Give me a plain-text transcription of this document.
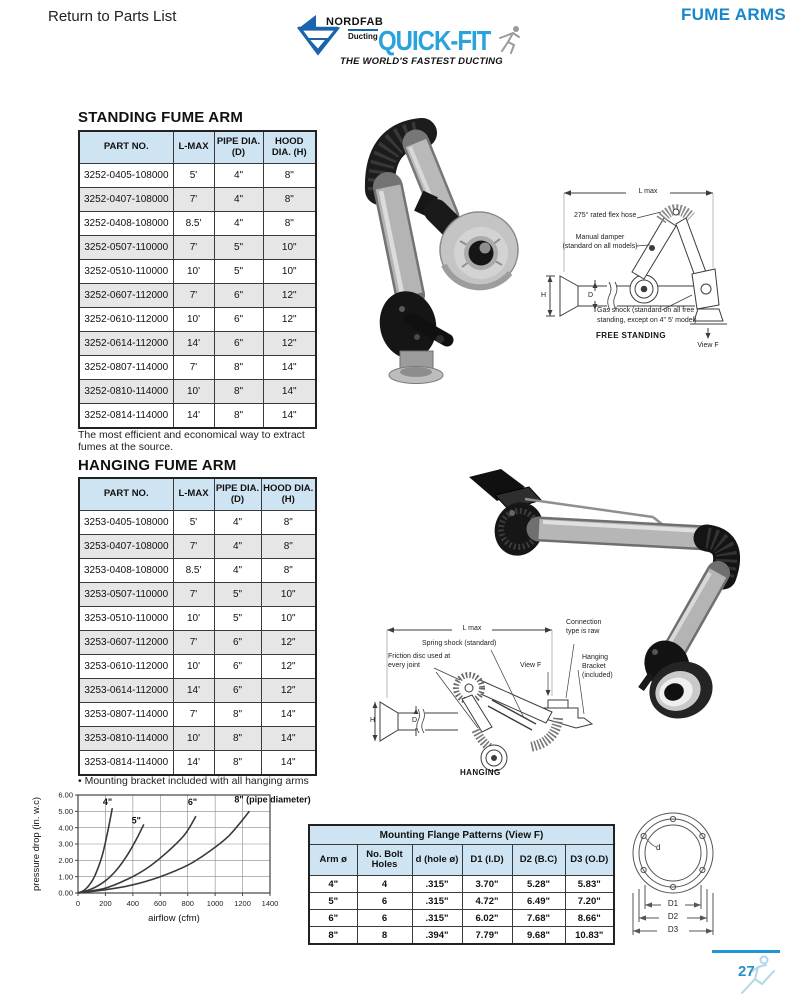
Return to Parts List	FUME ARMS
NORDFAB
Ducting QUICK-FIT
THE WORLD'S FASTEST DUCTING
STANDING FUME ARM
PART NO.	L-MAX	PIPE DIA. (D)	HOOD DIA. (H)
3252-0405-108000	5'	4"	8"
3252-0407-108000	7'	4"	8"
3252-0408-108000	8.5'	4"	8"
3252-0507-110000	7'	5"	10"
3252-0510-110000	10'	5"	10"
3252-0607-112000	7'	6"	12"
3252-0610-112000	10'	6"	12"
3252-0614-112000	14'	6"	12"
3252-0807-114000	7'	8"	14"
3252-0810-114000	10'	8"	14"
3252-0814-114000	14'	8"	14"
The most efficient and economical way to extract fumes at the source.
L max
275° rated flex hose
Manual damper
(standard on all models)
Gas shock (standard on all free
standing, except on 4" 5' model)
H	D
FREE STANDING
View F
HANGING FUME ARM
PART NO.	L-MAX	PIPE DIA. (D)	HOOD DIA. (H)
3253-0405-108000	5'	4"	8"
3253-0407-108000	7'	4"	8"
3253-0408-108000	8.5'	4"	8"
3253-0507-110000	7'	5"	10"
3253-0510-110000	10'	5"	10"
3253-0607-112000	7'	6"	12"
3253-0610-112000	10'	6"	12"
3253-0614-112000	14'	6"	12"
3253-0807-114000	7'	8"	14"
3253-0810-114000	10'	8"	14"
3253-0814-114000	14'	8"	14"
• Mounting bracket included with all hanging arms
L max
Spring shock (standard)
Friction disc used at
every joint	View F
Connection
type is raw
Hanging
Bracket
(included)
H	D
HANGING
0	200 400 600 800 1000 1200 1400
0.00
1.00
2.00
3.00
4.00
5.00
6.00
4"
5"
6"	8" (pipe diameter)
airflow (cfm)
pressure drop (in. w.c)	Mounting Flange Patterns (View F)					
Arm ø	No. Bolt Holes	d (hole ø)	D1 (I.D)	D2 (B.C)	D3 (O.D)
4"	4	.315"	3.70"	5.28"	5.83"
5"	6	.315"	4.72"	6.49"	7.20"
6"	6	.315"	6.02"	7.68"	8.66"
8"	8	.394"	7.79"	9.68"	10.83"
d
D1
D2
D3
27
